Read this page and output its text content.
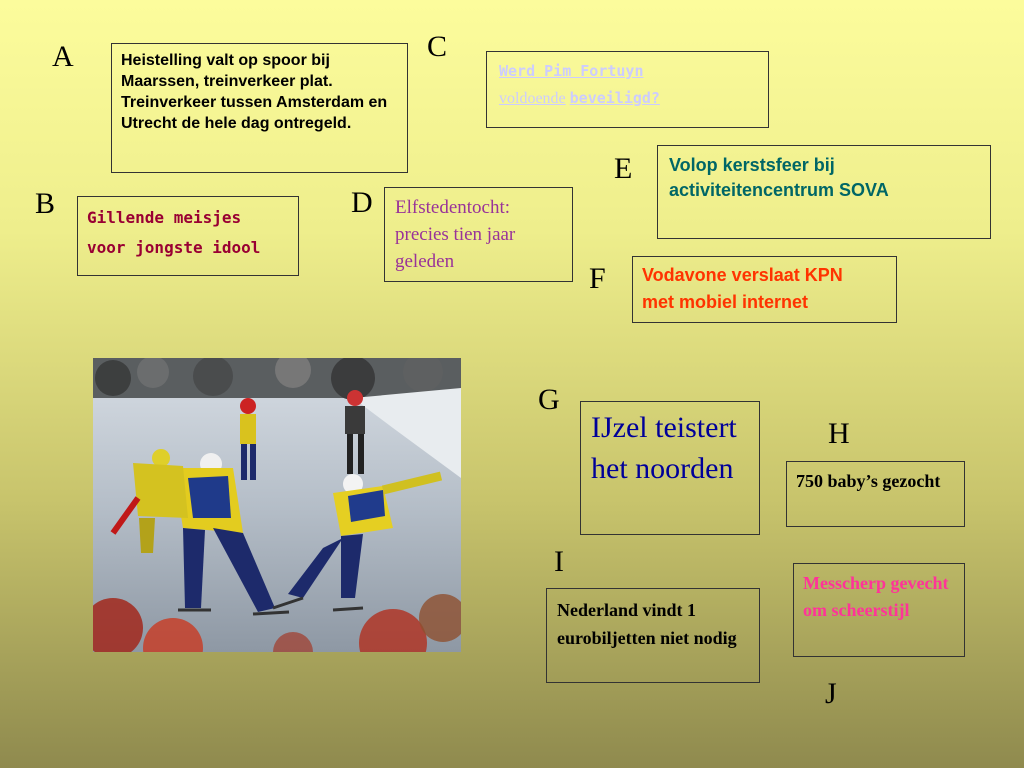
A
B
C
D
E
F
G
H
I
J
Heistelling valt op spoor bij Maarssen, treinverkeer plat. Treinverkeer tussen Amsterdam en Utrecht de hele dag ontregeld.
Gillende meisjes
voor jongste idool
Werd Pim Fortuyn
voldoende beveiligd?
Elfstedentocht: precies tien jaar geleden
Volop kerstsfeer bij activiteitencentrum SOVA
Vodavone verslaat KPN
met mobiel internet
IJzel teistert het noorden	750 baby’s gezocht
Nederland vindt 1 eurobiljetten niet nodig
Messcherp gevecht om scheerstijl
